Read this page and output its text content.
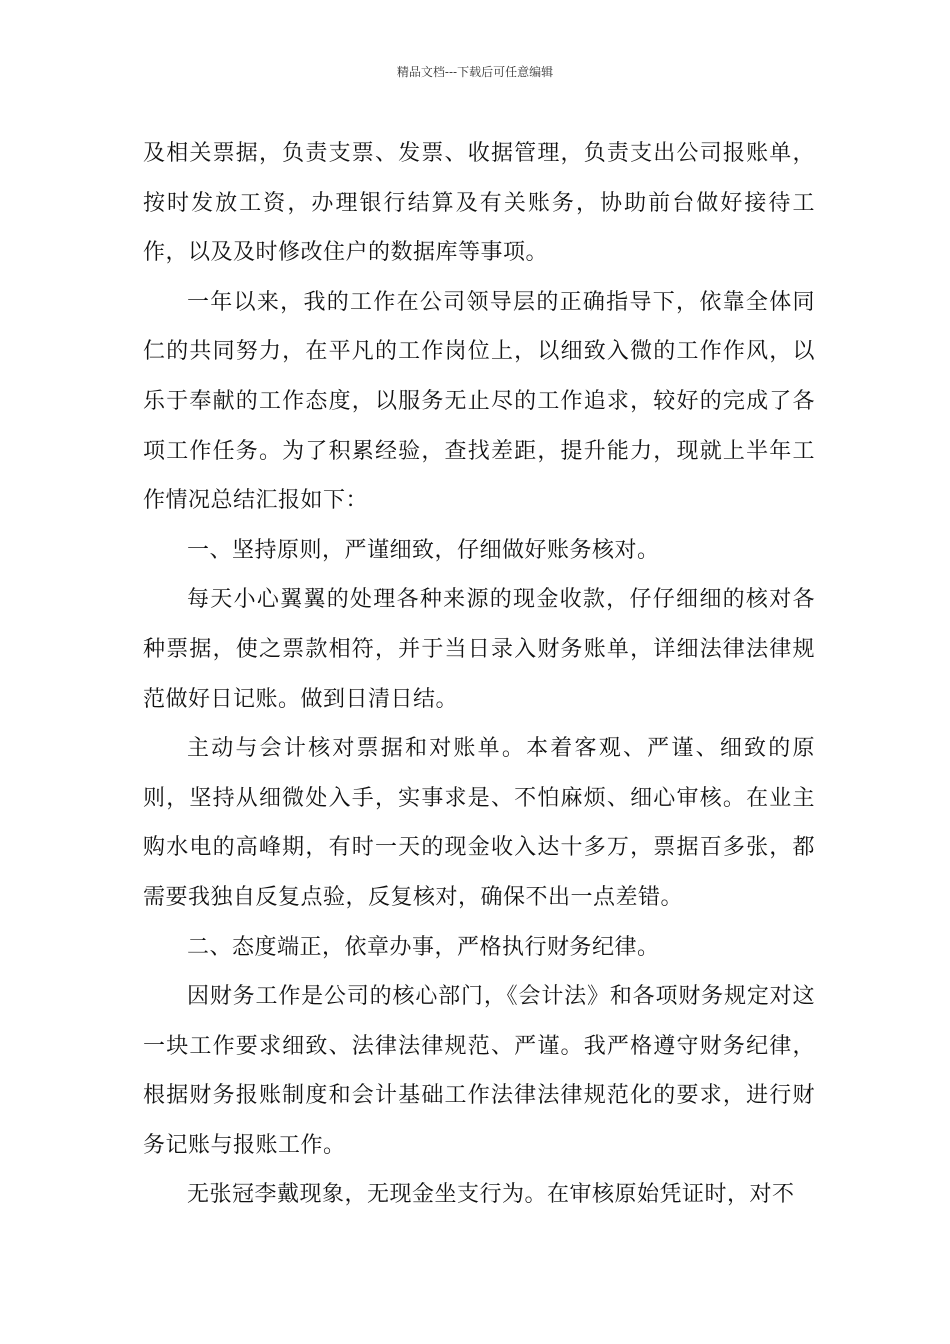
精品文档---下载后可任意编辑

及相关票据，负责支票、发票、收据管理，负责支出公司报账单，按时发放工资，办理银行结算及有关账务，协助前台做好接待工作，以及及时修改住户的数据库等事项。

一年以来，我的工作在公司领导层的正确指导下，依靠全体同仁的共同努力，在平凡的工作岗位上，以细致入微的工作作风，以乐于奉献的工作态度，以服务无止尽的工作追求，较好的完成了各项工作任务。为了积累经验，查找差距，提升能力，现就上半年工作情况总结汇报如下：

一、坚持原则，严谨细致，仔细做好账务核对。

每天小心翼翼的处理各种来源的现金收款，仔仔细细的核对各种票据，使之票款相符，并于当日录入财务账单，详细法律法律规范做好日记账。做到日清日结。

主动与会计核对票据和对账单。本着客观、严谨、细致的原则，坚持从细微处入手，实事求是、不怕麻烦、细心审核。在业主购水电的高峰期，有时一天的现金收入达十多万，票据百多张，都需要我独自反复点验，反复核对，确保不出一点差错。

二、态度端正，依章办事，严格执行财务纪律。

因财务工作是公司的核心部门，《会计法》和各项财务规定对这一块工作要求细致、法律法律规范、严谨。我严格遵守财务纪律，根据财务报账制度和会计基础工作法律法律规范化的要求，进行财务记账与报账工作。

无张冠李戴现象，无现金坐支行为。在审核原始凭证时，对不
